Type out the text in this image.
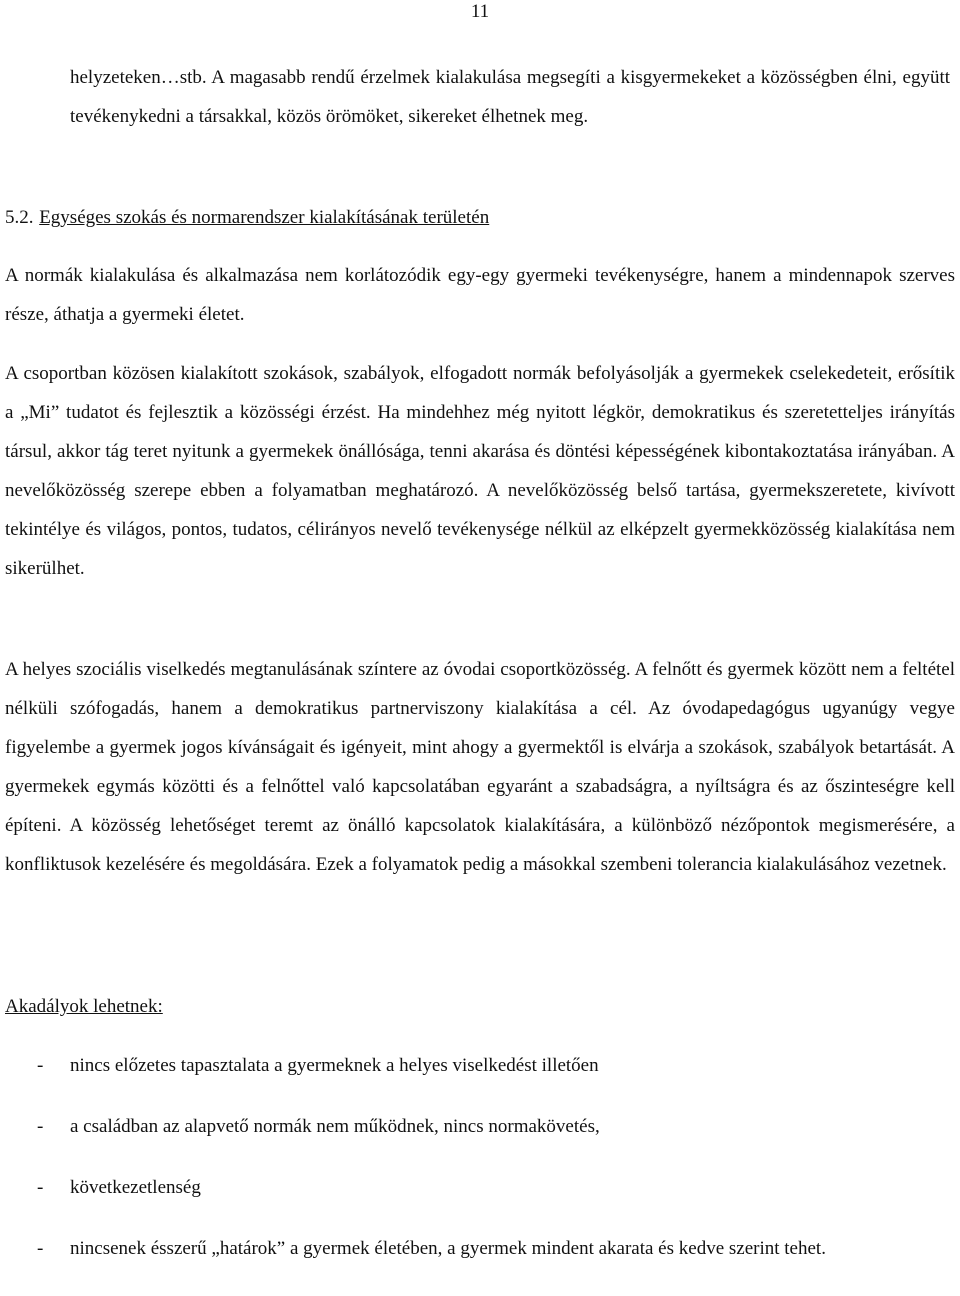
11

helyzeteken…stb. A magasabb rendű érzelmek kialakulása megsegíti a kisgyermekeket a közösségben élni, együtt tevékenykedni a társakkal, közös örömöket, sikereket élhetnek meg.

5.2. Egységes szokás és normarendszer kialakításának területén

A normák kialakulása és alkalmazása nem korlátozódik egy-egy gyermeki tevékenységre, hanem a mindennapok szerves része, áthatja a gyermeki életet.

A csoportban közösen kialakított szokások, szabályok, elfogadott normák befolyásolják a gyermekek cselekedeteit, erősítik a „Mi” tudatot és fejlesztik a közösségi érzést. Ha mindehhez még nyitott légkör, demokratikus és szeretetteljes irányítás társul, akkor tág teret nyitunk a gyermekek önállósága, tenni akarása és döntési képességének kibontakoztatása irányában. A nevelőközösség szerepe ebben a folyamatban meghatározó. A nevelőközösség belső tartása, gyermekszeretete, kivívott tekintélye és világos, pontos, tudatos, célirányos nevelő tevékenysége nélkül az elképzelt gyermekközösség kialakítása nem sikerülhet.

A helyes szociális viselkedés megtanulásának színtere az óvodai csoportközösség. A felnőtt és gyermek között nem a feltétel nélküli szófogadás, hanem a demokratikus partnerviszony kialakítása a cél. Az óvodapedagógus ugyanúgy vegye figyelembe a gyermek jogos kívánságait és igényeit, mint ahogy a gyermektől is elvárja a szokások, szabályok betartását. A gyermekek egymás közötti és a felnőttel való kapcsolatában egyaránt a szabadságra, a nyíltságra és az őszinteségre kell építeni. A közösség lehetőséget teremt az önálló kapcsolatok kialakítására, a különböző nézőpontok megismerésére, a konfliktusok kezelésére és megoldására. Ezek a folyamatok pedig a másokkal szembeni tolerancia kialakulásához vezetnek.

Akadályok lehetnek:

- nincs előzetes tapasztalata a gyermeknek a helyes viselkedést illetően
- a családban az alapvető normák nem működnek, nincs normakövetés,
- következetlenség
- nincsenek ésszerű „határok” a gyermek életében, a gyermek mindent akarata és kedve szerint tehet.
